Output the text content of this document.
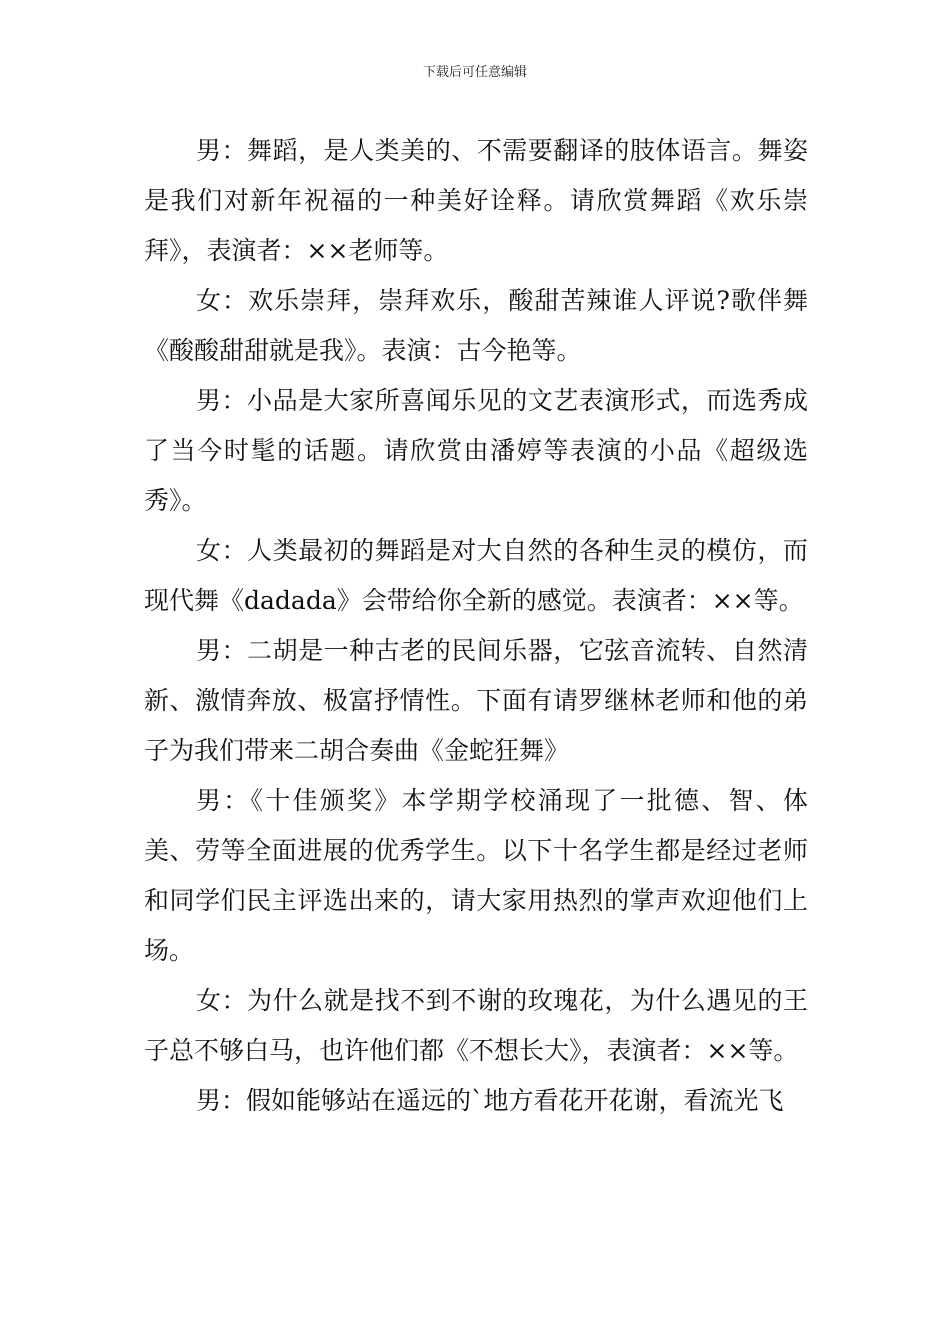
下载后可任意编辑

男：舞蹈，是人类美的、不需要翻译的肢体语言。舞姿是我们对新年祝福的一种美好诠释。请欣赏舞蹈《欢乐崇拜》，表演者：××老师等。

女：欢乐崇拜，崇拜欢乐，酸甜苦辣谁人评说?歌伴舞《酸酸甜甜就是我》。表演：古今艳等。

男：小品是大家所喜闻乐见的文艺表演形式，而选秀成了当今时髦的话题。请欣赏由潘婷等表演的小品《超级选秀》。

女：人类最初的舞蹈是对大自然的各种生灵的模仿，而现代舞《dadada》会带给你全新的感觉。表演者：××等。

男：二胡是一种古老的民间乐器，它弦音流转、自然清新、激情奔放、极富抒情性。下面有请罗继林老师和他的弟子为我们带来二胡合奏曲《金蛇狂舞》

男：《十佳颁奖》本学期学校涌现了一批德、智、体美、劳等全面进展的优秀学生。以下十名学生都是经过老师和同学们民主评选出来的，请大家用热烈的掌声欢迎他们上场。

女：为什么就是找不到不谢的玫瑰花，为什么遇见的王子总不够白马，也许他们都《不想长大》，表演者：××等。

男：假如能够站在遥远的`地方看花开花谢，看流光飞
